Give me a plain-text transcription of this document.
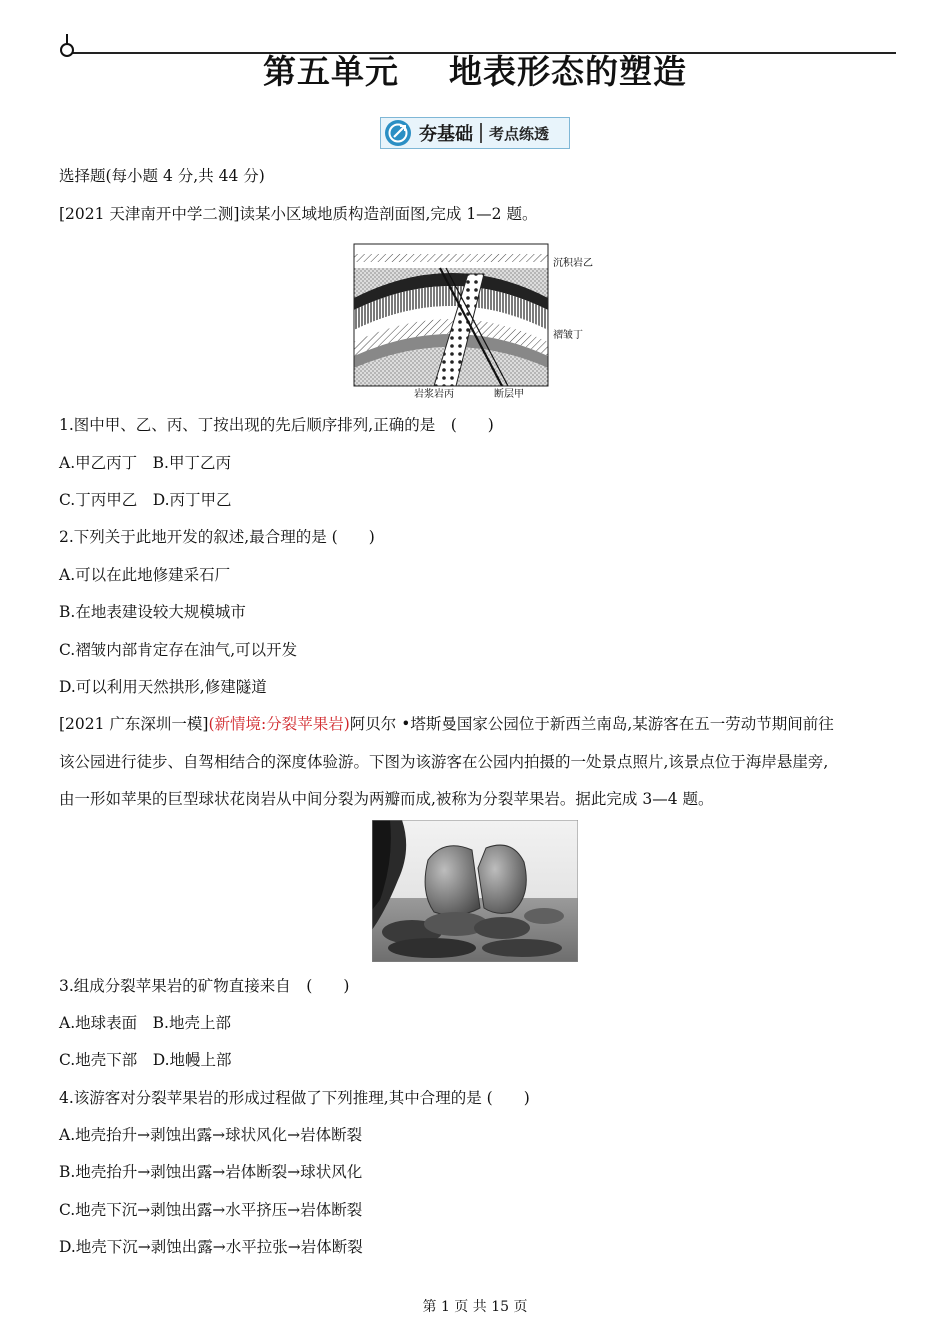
第五单元    地表形态的塑造
夯基础 考点练透
选择题(每小题 4 分,共 44 分)
[2021 天津南开中学二测]读某小区域地质构造剖面图,完成 1—2 题。
沉积岩乙
褶皱丁
岩浆岩丙	断层甲
1.图中甲、乙、丙、丁按出现的先后顺序排列,正确的是　(　　)
A.甲乙丙丁　B.甲丁乙丙
C.丁丙甲乙　D.丙丁甲乙
2.下列关于此地开发的叙述,最合理的是 (　　)
A.可以在此地修建采石厂
B.在地表建设较大规模城市
C.褶皱内部肯定存在油气,可以开发
D.可以利用天然拱形,修建隧道
[2021 广东深圳一模](新情境:分裂苹果岩)阿贝尔 •塔斯曼国家公园位于新西兰南岛,某游客在五一劳动节期间前往
该公园进行徒步、自驾相结合的深度体验游。下图为该游客在公园内拍摄的一处景点照片,该景点位于海岸悬崖旁,
由一形如苹果的巨型球状花岗岩从中间分裂为两瓣而成,被称为分裂苹果岩。据此完成 3—4 题。
3.组成分裂苹果岩的矿物直接来自　(　　)
A.地球表面　B.地壳上部
C.地壳下部　D.地幔上部
4.该游客对分裂苹果岩的形成过程做了下列推理,其中合理的是 (　　)
A.地壳抬升→剥蚀出露→球状风化→岩体断裂
B.地壳抬升→剥蚀出露→岩体断裂→球状风化
C.地壳下沉→剥蚀出露→水平挤压→岩体断裂
D.地壳下沉→剥蚀出露→水平拉张→岩体断裂
第 1 页 共 15 页
